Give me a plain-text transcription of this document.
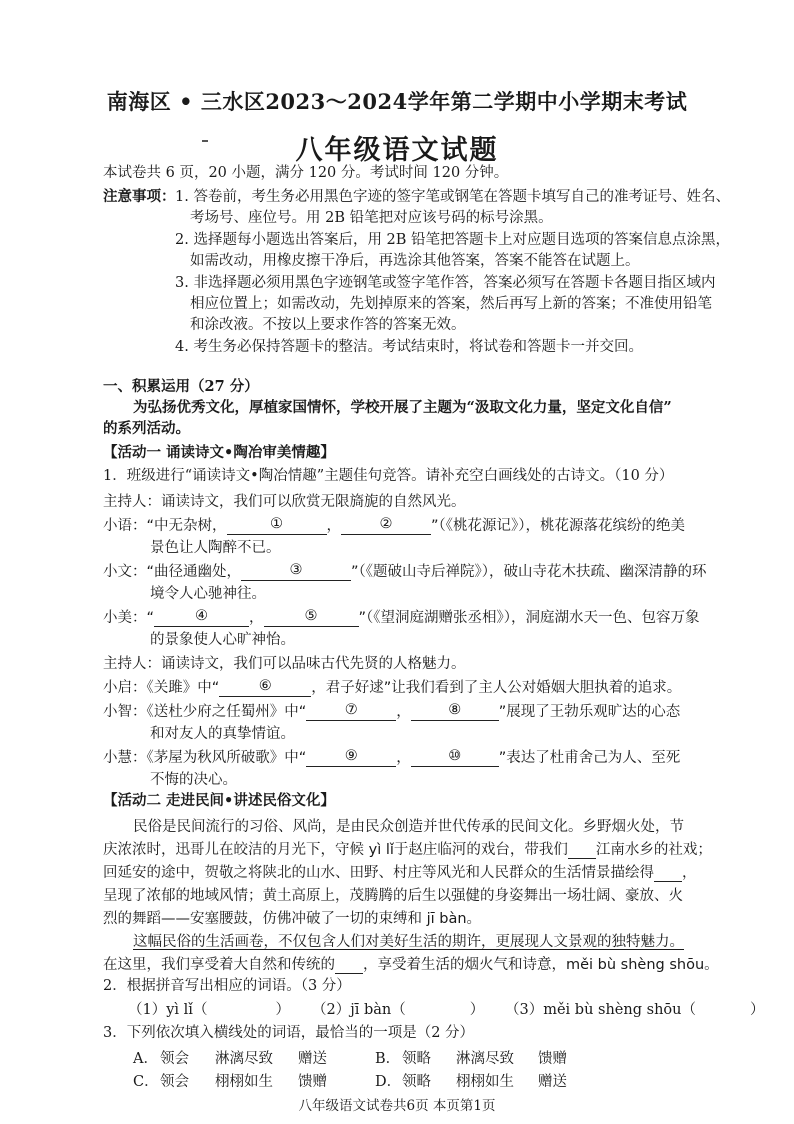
南海区 • 三水区2023～2024学年第二学期中小学期末考试
八年级语文试题
本试卷共 6 页，20 小题，满分 120 分。考试时间 120 分钟。
注意事项： 1. 答卷前，考生务必用黑色字迹的签字笔或钢笔在答题卡填写自己的准考证号、姓名、
考场号、座位号。用 2B 铅笔把对应该号码的标号涂黑。
2. 选择题每小题选出答案后，用 2B 铅笔把答题卡上对应题目选项的答案信息点涂黑，
如需改动，用橡皮擦干净后，再选涂其他答案，答案不能答在试题上。
3. 非选择题必须用黑色字迹钢笔或签字笔作答，答案必须写在答题卡各题目指区域内
相应位置上；如需改动，先划掉原来的答案，然后再写上新的答案；不准使用铅笔
和涂改液。不按以上要求作答的答案无效。
4. 考生务必保持答题卡的整洁。考试结束时，将试卷和答题卡一并交回。
一、积累运用（27 分）
为弘扬优秀文化，厚植家国情怀，学校开展了主题为“汲取文化力量，坚定文化自信”
的系列活动。
【活动一 诵读诗文•陶冶审美情趣】
1．班级进行“诵读诗文•陶冶情趣”主题佳句竞答。请补充空白画线处的古诗文。（10 分）
主持人：诵读诗文，我们可以欣赏无限旖旎的自然风光。
小语：“中无杂树，	①	，	②	”（《桃花源记》），桃花源落花缤纷的绝美
景色让人陶醉不已。
小文：“曲径通幽处，	③	”（《题破山寺后禅院》），破山寺花木扶疏、幽深清静的环
境令人心驰神往。
小美：“	④	，	⑤	”（《望洞庭湖赠张丞相》），洞庭湖水天一色、包容万象
的景象使人心旷神怡。
主持人：诵读诗文，我们可以品味古代先贤的人格魅力。
小启：《关雎》中“	⑥	，君子好逑”让我们看到了主人公对婚姻大胆执着的追求。
小智：《送杜少府之任蜀州》中“	⑦	，	⑧	”展现了王勃乐观旷达的心态
和对友人的真挚情谊。
小慧：《茅屋为秋风所破歌》中“	⑨	，	⑩	”表达了杜甫舍己为人、至死
不悔的决心。
【活动二 走进民间•讲述民俗文化】
民俗是民间流行的习俗、风尚，是由民众创造并世代传承的民间文化。乡野烟火处，节
庆浓浓时，迅哥儿在皎洁的月光下，守候 yì lǐ于赵庄临河的戏台，带我们 江南水乡的社戏；
回延安的途中，贺敬之将陕北的山水、田野、村庄等风光和人民群众的生活情景描绘得 ，
呈现了浓郁的地域风情；黄土高原上，茂腾腾的后生以强健的身姿舞出一场壮阔、豪放、火
烈的舞蹈——安塞腰鼓，仿佛冲破了一切的束缚和 jī bàn。
这幅民俗的生活画卷，不仅包含人们对美好生活的期许，更展现人文景观的独特魅力。
在这里，我们享受着大自然和传统的 ，享受着生活的烟火气和诗意，měi bù shèng shōu。
2．根据拼音写出相应的词语。（3 分）
（1）yì lǐ（	） （2）jī bàn（	） （3）měi bù shèng shōu（	）
3．下列依次填入横线处的词语，最恰当的一项是（2 分）
A． 领会 淋漓尽致 赠送	B． 领略 淋漓尽致 馈赠
C． 领会 栩栩如生 馈赠	D． 领略 栩栩如生 赠送
八年级语文试卷共6页 本页第1页
